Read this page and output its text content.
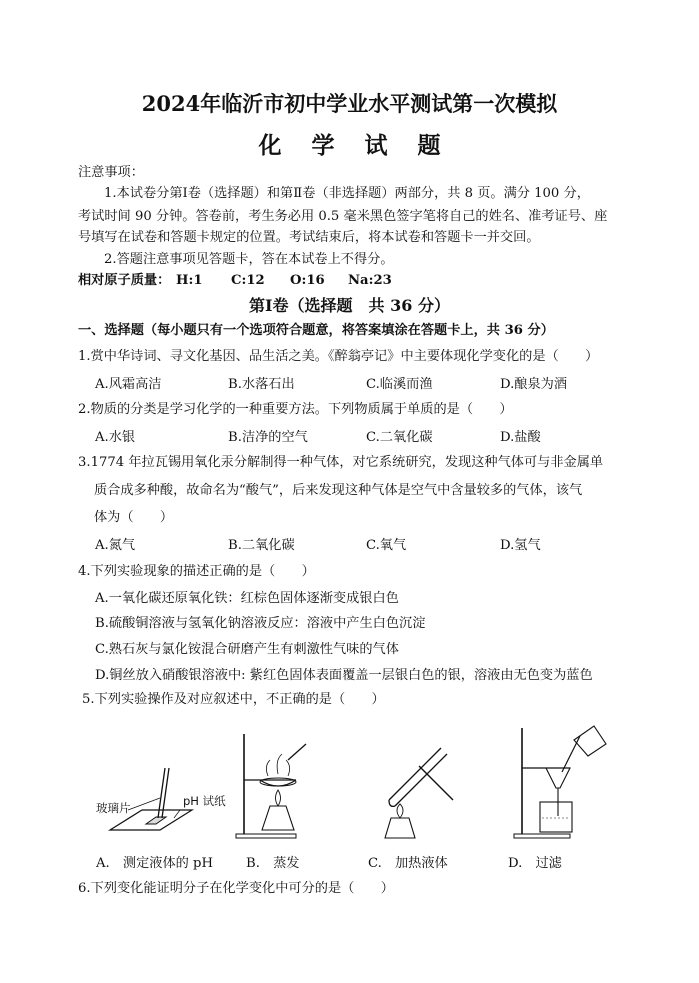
2024年临沂市初中学业水平测试第一次模拟
化学试题
注意事项：
1.本试卷分第Ⅰ卷（选择题）和第Ⅱ卷（非选择题）两部分，共 8 页。满分 100 分，
考试时间 90 分钟。答卷前，考生务必用 0.5 毫米黑色签字笔将自己的姓名、准考证号、座
号填写在试卷和答题卡规定的位置。考试结束后，将本试卷和答题卡一并交回。
2.答题注意事项见答题卡，答在本试卷上不得分。
相对原子质量： H:1 C:12 O:16 Na:23
第Ⅰ卷（选择题　共 36 分）
一、选择题（每小题只有一个选项符合题意，将答案填涂在答题卡上，共 36 分）
1.赏中华诗词、寻文化基因、品生活之美。《醉翁亭记》中主要体现化学变化的是（　　）
A.风霜高洁	B.水落石出	C.临溪而渔	D.酿泉为酒
2.物质的分类是学习化学的一种重要方法。下列物质属于单质的是（　　）
A.水银	B.洁净的空气	C.二氧化碳	D.盐酸
3.1774 年拉瓦锡用氧化汞分解制得一种气体，对它系统研究，发现这种气体可与非金属单
质合成多种酸，故命名为“酸气”，后来发现这种气体是空气中含量较多的气体，该气
体为（　　）
A.氮气	B.二氧化碳	C.氧气	D.氢气
4.下列实验现象的描述正确的是（　　）
A.一氧化碳还原氧化铁：红棕色固体逐渐变成银白色
B.硫酸铜溶液与氢氧化钠溶液反应：溶液中产生白色沉淀
C.熟石灰与氯化铵混合研磨产生有刺激性气味的气体
D.铜丝放入硝酸银溶液中: 紫红色固体表面覆盖一层银白色的银，溶液由无色变为蓝色
5.下列实验操作及对应叙述中，不正确的是（　　）
玻璃片	pH 试纸
A.　测定液体的 pH	B.　蒸发	C.　加热液体	D.　过滤
6.下列变化能证明分子在化学变化中可分的是（　　）
